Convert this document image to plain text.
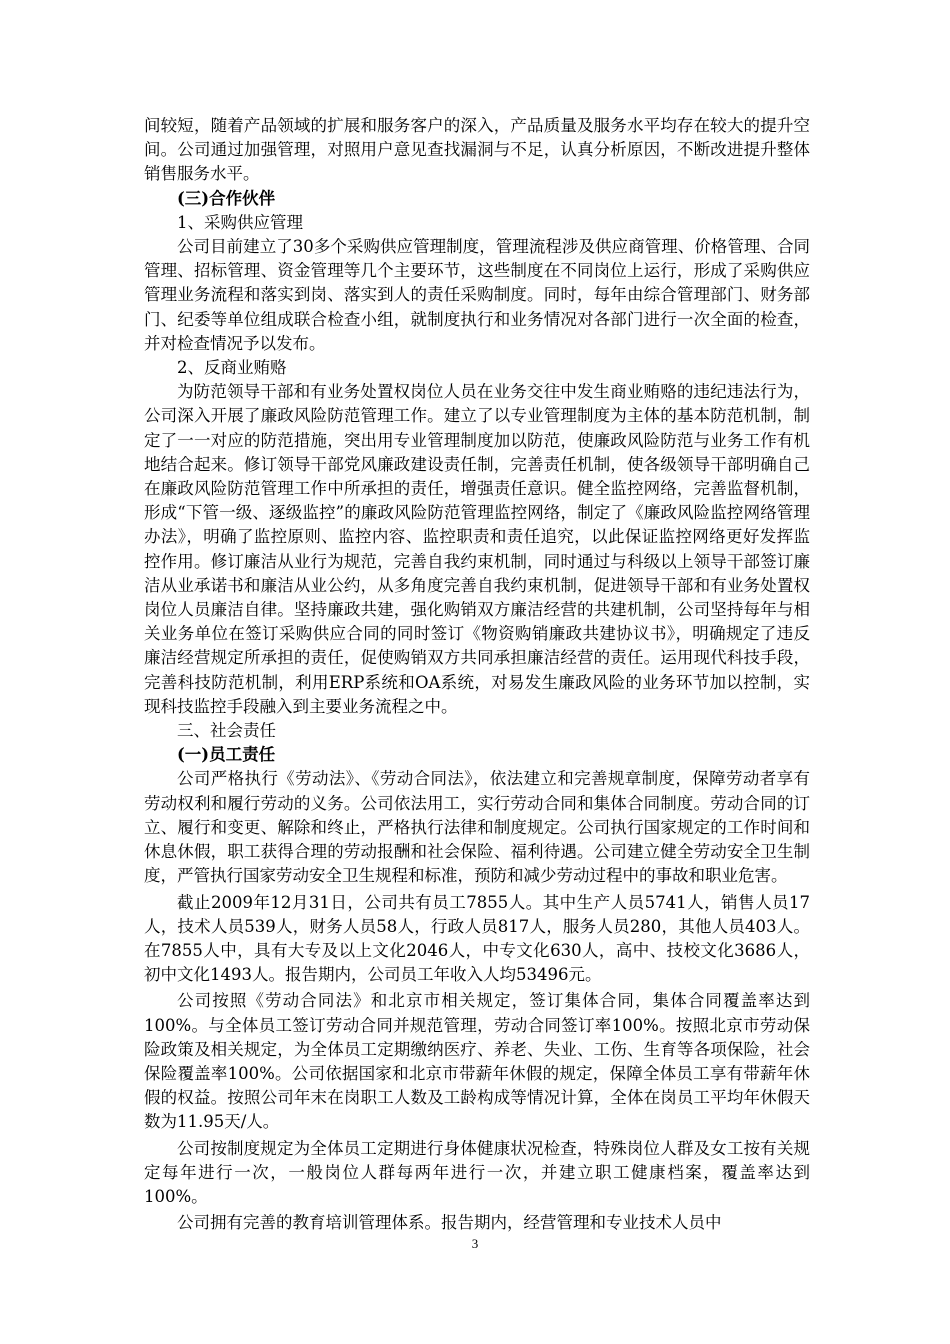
间较短，随着产品领域的扩展和服务客户的深入，产品质量及服务水平均存在较大的提升空间。公司通过加强管理，对照用户意见查找漏洞与不足，认真分析原因，不断改进提升整体销售服务水平。

(三)合作伙伴

1、采购供应管理

公司目前建立了30多个采购供应管理制度，管理流程涉及供应商管理、价格管理、合同管理、招标管理、资金管理等几个主要环节，这些制度在不同岗位上运行，形成了采购供应管理业务流程和落实到岗、落实到人的责任采购制度。同时，每年由综合管理部门、财务部门、纪委等单位组成联合检查小组，就制度执行和业务情况对各部门进行一次全面的检查，并对检查情况予以发布。

2、反商业贿赂

为防范领导干部和有业务处置权岗位人员在业务交往中发生商业贿赂的违纪违法行为，公司深入开展了廉政风险防范管理工作。建立了以专业管理制度为主体的基本防范机制，制定了一一对应的防范措施，突出用专业管理制度加以防范，使廉政风险防范与业务工作有机地结合起来。修订领导干部党风廉政建设责任制，完善责任机制，使各级领导干部明确自己在廉政风险防范管理工作中所承担的责任，增强责任意识。健全监控网络，完善监督机制，形成“下管一级、逐级监控”的廉政风险防范管理监控网络，制定了《廉政风险监控网络管理办法》，明确了监控原则、监控内容、监控职责和责任追究，以此保证监控网络更好发挥监控作用。修订廉洁从业行为规范，完善自我约束机制，同时通过与科级以上领导干部签订廉洁从业承诺书和廉洁从业公约，从多角度完善自我约束机制，促进领导干部和有业务处置权岗位人员廉洁自律。坚持廉政共建，强化购销双方廉洁经营的共建机制，公司坚持每年与相关业务单位在签订采购供应合同的同时签订《物资购销廉政共建协议书》，明确规定了违反廉洁经营规定所承担的责任，促使购销双方共同承担廉洁经营的责任。运用现代科技手段，完善科技防范机制，利用ERP系统和OA系统，对易发生廉政风险的业务环节加以控制，实现科技监控手段融入到主要业务流程之中。

三、社会责任

(一)员工责任

公司严格执行《劳动法》、《劳动合同法》，依法建立和完善规章制度，保障劳动者享有劳动权利和履行劳动的义务。公司依法用工，实行劳动合同和集体合同制度。劳动合同的订立、履行和变更、解除和终止，严格执行法律和制度规定。公司执行国家规定的工作时间和休息休假，职工获得合理的劳动报酬和社会保险、福利待遇。公司建立健全劳动安全卫生制度，严管执行国家劳动安全卫生规程和标准，预防和减少劳动过程中的事故和职业危害。

截止2009年12月31日，公司共有员工7855人。其中生产人员5741人，销售人员17人，技术人员539人，财务人员58人，行政人员817人，服务人员280，其他人员403人。在7855人中，具有大专及以上文化2046人，中专文化630人，高中、技校文化3686人，初中文化1493人。报告期内，公司员工年收入人均53496元。

公司按照《劳动合同法》和北京市相关规定，签订集体合同，集体合同覆盖率达到100%。与全体员工签订劳动合同并规范管理，劳动合同签订率100%。按照北京市劳动保险政策及相关规定，为全体员工定期缴纳医疗、养老、失业、工伤、生育等各项保险，社会保险覆盖率100%。公司依据国家和北京市带薪年休假的规定，保障全体员工享有带薪年休假的权益。按照公司年末在岗职工人数及工龄构成等情况计算，全体在岗员工平均年休假天数为11.95天/人。

公司按制度规定为全体员工定期进行身体健康状况检查，特殊岗位人群及女工按有关规定每年进行一次，一般岗位人群每两年进行一次，并建立职工健康档案，覆盖率达到100%。

公司拥有完善的教育培训管理体系。报告期内，经营管理和专业技术人员中

3
